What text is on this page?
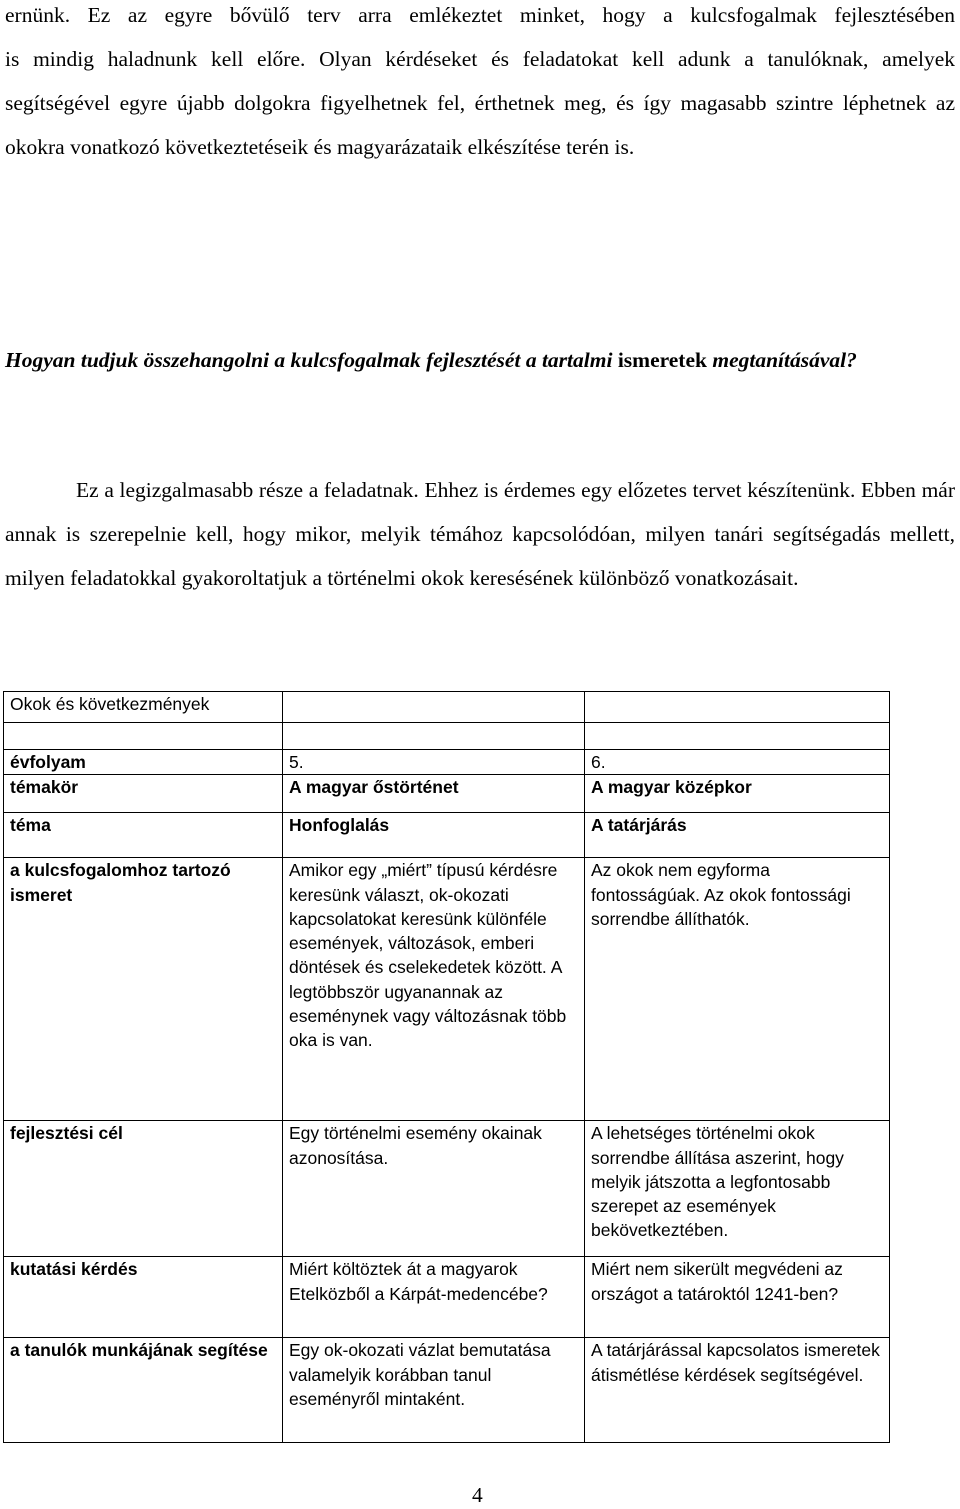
ernünk. Ez az egyre bővülő terv arra emlékeztet minket, hogy a kulcsfogalmak fejlesztésében
is mindig haladnunk kell előre. Olyan kérdéseket és feladatokat kell adunk a tanulóknak, amelyek segítségével egyre újabb dolgokra figyelhetnek fel, érthetnek meg, és így magasabb szintre léphetnek az okokra vonatkozó következtetéseik és magyarázataik elkészítése terén is.

Hogyan tudjuk összehangolni a kulcsfogalmak fejlesztését a tartalmi ismeretek megtanításával?

Ez a legizgalmasabb része a feladatnak. Ehhez is érdemes egy előzetes tervet készítenünk. Ebben már annak is szerepelnie kell, hogy mikor, melyik témához kapcsolódóan, milyen tanári segítségadás mellett, milyen feladatokkal gyakoroltatjuk a történelmi okok keresésének különböző vonatkozásait.

Okok és következmények		

évfolyam	5.	6.
témakör	A magyar őstörténet	A magyar középkor
téma	Honfoglalás	A tatárjárás
a kulcsfogalomhoz tartozó ismeret	Amikor egy „miért” típusú kérdésre keresünk választ, ok-okozati kapcsolatokat keresünk különféle események, változások, emberi döntések és cselekedetek között. A legtöbbször ugyanannak az eseménynek vagy változásnak több oka is van.	Az okok nem egyforma fontosságúak. Az okok fontossági sorrendbe állíthatók.
fejlesztési cél	Egy történelmi esemény okainak azonosítása.	A lehetséges történelmi okok sorrendbe állítása aszerint, hogy melyik játszotta a legfontosabb szerepet az események bekövetkeztében.
kutatási kérdés	Miért költöztek át a magyarok Etelközből a Kárpát-medencébe?	Miért nem sikerült megvédeni az országot a tatároktól 1241-ben?
a tanulók munkájának segítése	Egy ok-okozati vázlat bemutatása valamelyik korábban tanul eseményről mintaként.	A tatárjárással kapcsolatos ismeretek átismétlése kérdések segítségével.
4
